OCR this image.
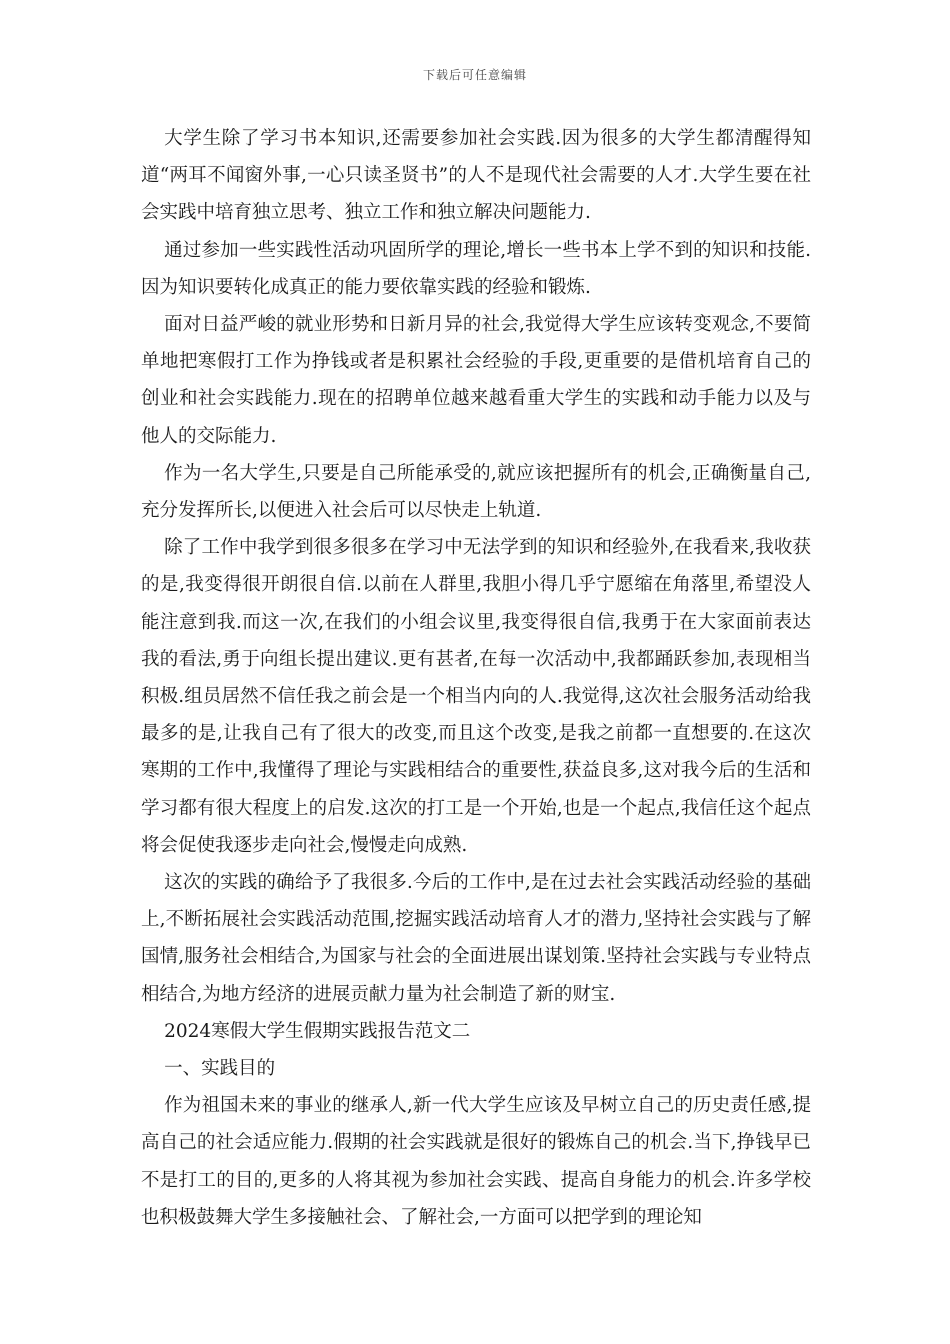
下载后可任意编辑

大学生除了学习书本知识,还需要参加社会实践.因为很多的大学生都清醒得知道“两耳不闻窗外事,一心只读圣贤书”的人不是现代社会需要的人才.大学生要在社会实践中培育独立思考、独立工作和独立解决问题能力.

通过参加一些实践性活动巩固所学的理论,增长一些书本上学不到的知识和技能.因为知识要转化成真正的能力要依靠实践的经验和锻炼.

面对日益严峻的就业形势和日新月异的社会,我觉得大学生应该转变观念,不要简单地把寒假打工作为挣钱或者是积累社会经验的手段,更重要的是借机培育自己的创业和社会实践能力.现在的招聘单位越来越看重大学生的实践和动手能力以及与他人的交际能力.

作为一名大学生,只要是自己所能承受的,就应该把握所有的机会,正确衡量自己,充分发挥所长,以便进入社会后可以尽快走上轨道.

除了工作中我学到很多很多在学习中无法学到的知识和经验外,在我看来,我收获的是,我变得很开朗很自信.以前在人群里,我胆小得几乎宁愿缩在角落里,希望没人能注意到我.而这一次,在我们的小组会议里,我变得很自信,我勇于在大家面前表达我的看法,勇于向组长提出建议.更有甚者,在每一次活动中,我都踊跃参加,表现相当积极.组员居然不信任我之前会是一个相当内向的人.我觉得,这次社会服务活动给我最多的是,让我自己有了很大的改变,而且这个改变,是我之前都一直想要的.在这次寒期的工作中,我懂得了理论与实践相结合的重要性,获益良多,这对我今后的生活和学习都有很大程度上的启发.这次的打工是一个开始,也是一个起点,我信任这个起点将会促使我逐步走向社会,慢慢走向成熟.

这次的实践的确给予了我很多.今后的工作中,是在过去社会实践活动经验的基础上,不断拓展社会实践活动范围,挖掘实践活动培育人才的潜力,坚持社会实践与了解国情,服务社会相结合,为国家与社会的全面进展出谋划策.坚持社会实践与专业特点相结合,为地方经济的进展贡献力量为社会制造了新的财宝.

2024寒假大学生假期实践报告范文二

一、实践目的

作为祖国未来的事业的继承人,新一代大学生应该及早树立自己的历史责任感,提高自己的社会适应能力.假期的社会实践就是很好的锻炼自己的机会.当下,挣钱早已不是打工的目的,更多的人将其视为参加社会实践、提高自身能力的机会.许多学校也积极鼓舞大学生多接触社会、了解社会,一方面可以把学到的理论知
